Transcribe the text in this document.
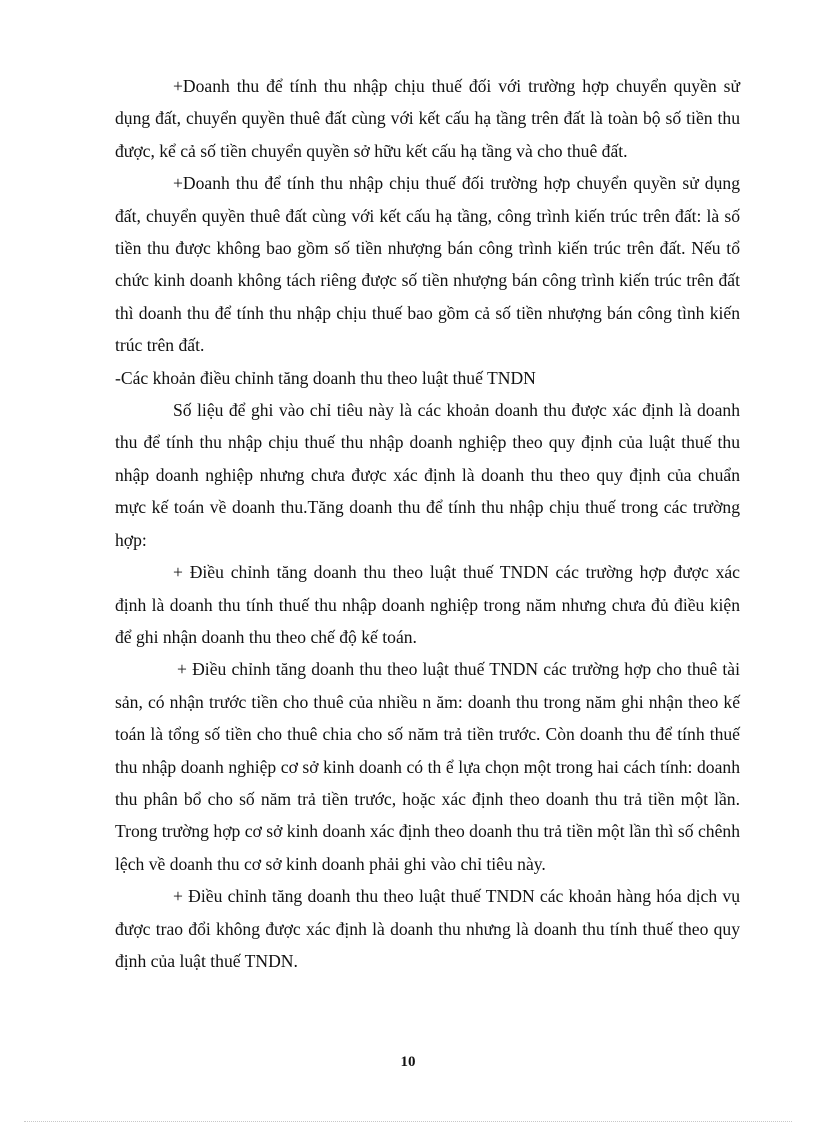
+Doanh thu để tính thu nhập chịu thuế đối với trường hợp chuyển quyền sử dụng đất, chuyển quyền thuê đất cùng với kết cấu hạ tầng trên đất là toàn bộ số tiền thu được, kể cả số tiền chuyển quyền sở hữu kết cấu hạ tầng và cho thuê đất.

+Doanh thu để tính thu nhập chịu thuế đối trường hợp chuyển quyền sử dụng đất, chuyển quyền thuê đất cùng với kết cấu hạ tầng, công trình kiến trúc trên đất: là số tiền thu được không bao gồm số tiền nhượng bán công trình kiến trúc trên đất. Nếu tổ chức kinh doanh không tách riêng được số tiền nhượng bán công trình kiến trúc trên đất thì doanh thu để tính thu nhập chịu thuế bao gồm cả số tiền nhượng bán công tình kiến trúc trên đất.

-Các khoản điều chỉnh tăng doanh thu theo luật thuế TNDN

Số liệu để ghi vào chỉ tiêu này là các khoản doanh thu được xác định là doanh thu để tính thu nhập chịu thuế thu nhập doanh nghiệp theo quy định của luật thuế thu nhập doanh nghiệp nhưng chưa được xác định là doanh thu theo quy định của chuẩn mực kế toán về doanh thu.Tăng doanh thu để tính thu nhập chịu thuế trong các trường hợp:

+ Điều chỉnh tăng doanh thu theo luật thuế TNDN các trường hợp được xác định là doanh thu tính thuế thu nhập doanh nghiệp trong năm nhưng chưa đủ điều kiện để ghi nhận doanh thu theo chế độ kế toán.

+ Điều chỉnh tăng doanh thu theo luật thuế TNDN các trường hợp cho thuê tài sản, có nhận trước tiền cho thuê của nhiều n ăm: doanh thu trong năm ghi nhận theo kế toán là tổng số tiền cho thuê chia cho số năm trả tiền trước. Còn doanh thu để tính thuế thu nhập doanh nghiệp cơ sở kinh doanh có th ể lựa chọn một trong hai cách tính: doanh thu phân bổ cho số năm trả tiền trước, hoặc xác định theo doanh thu trả tiền một lần. Trong trường hợp cơ sở kinh doanh xác định theo doanh thu trả tiền một lần thì số chênh lệch về doanh thu cơ sở kinh doanh phải ghi vào chỉ tiêu này.

+ Điều chỉnh tăng doanh thu theo luật thuế TNDN các khoản hàng hóa dịch vụ được trao đổi không được xác định là doanh thu nhưng là doanh thu tính thuế theo quy định của luật thuế TNDN.

10
